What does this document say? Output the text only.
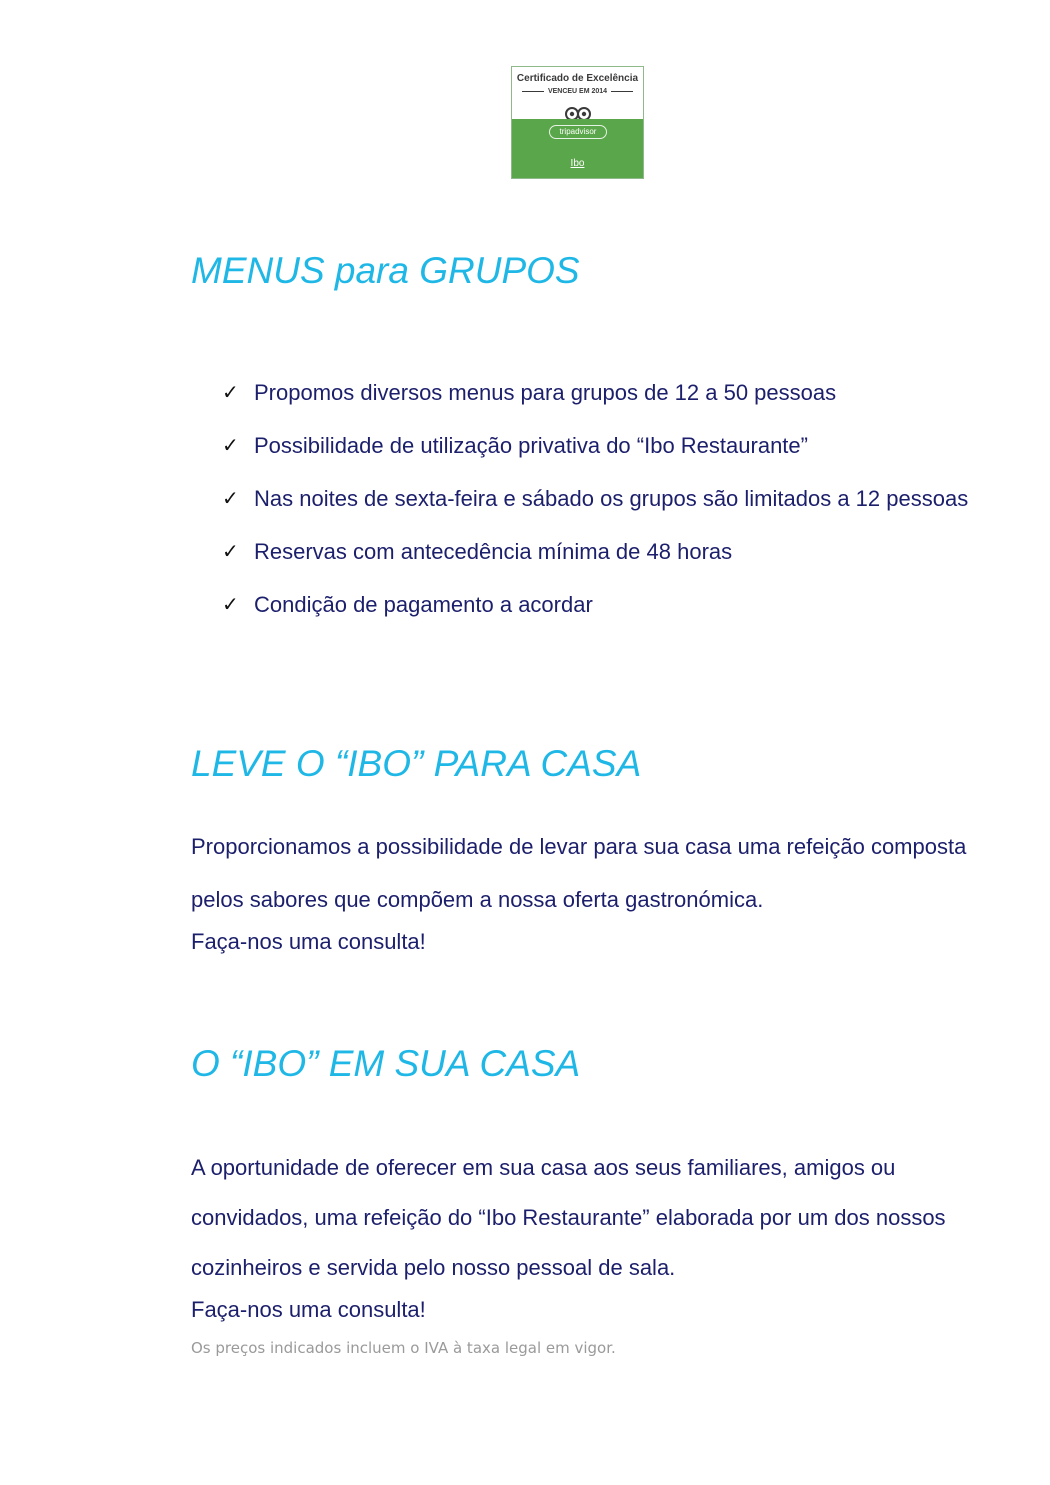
Certificado de Excelência
VENCEU EM 2014
tripadvisor
Ibo
MENUS para GRUPOS
✓ Propomos diversos menus para grupos de 12 a 50 pessoas
✓ Possibilidade de utilização privativa do “Ibo Restaurante”
✓ Nas noites de sexta-feira e sábado os grupos são limitados a 12 pessoas
✓ Reservas com antecedência mínima de 48 horas
✓ Condição de pagamento a acordar
LEVE O “IBO” PARA CASA

Proporcionamos a possibilidade de levar para sua casa uma refeição composta pelos sabores que compõem a nossa oferta gastronómica.

Faça-nos uma consulta!

O “IBO” EM SUA CASA

A oportunidade de oferecer em sua casa aos seus familiares, amigos ou convidados, uma refeição do “Ibo Restaurante” elaborada por um dos nossos cozinheiros e servida pelo nosso pessoal de sala.

Faça-nos uma consulta!

Os preços indicados incluem o IVA à taxa legal em vigor.
